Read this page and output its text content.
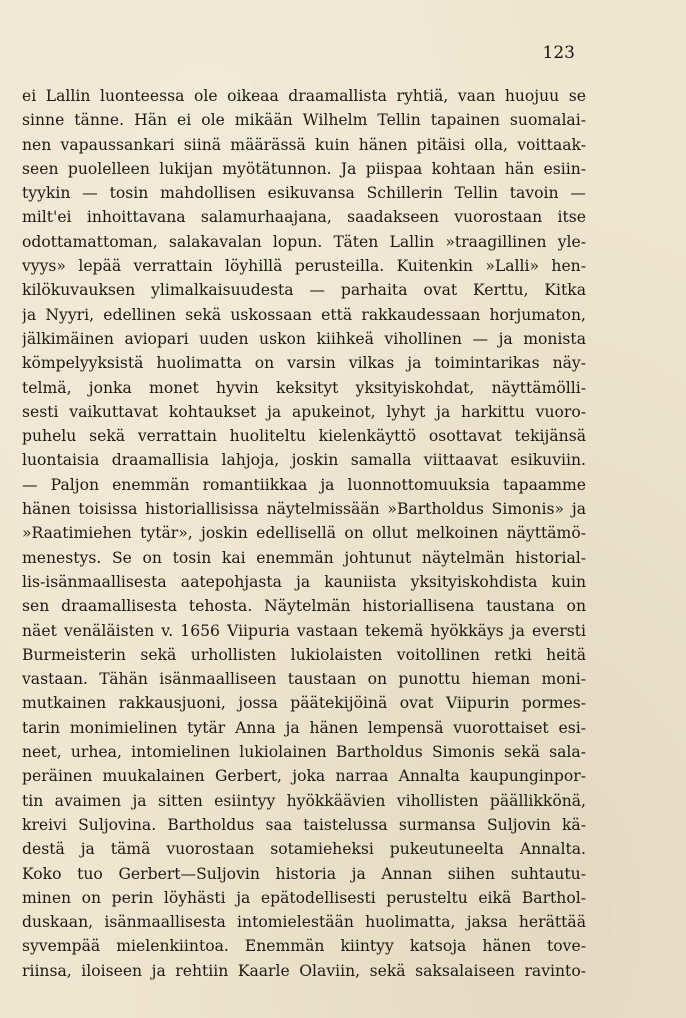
123
ei Lallin luonteessa ole oikeaa draamallista ryhtiä, vaan huojuu se
sinne tänne. Hän ei ole mikään Wilhelm Tellin tapainen suomalai-
nen vapaussankari siinä määrässä kuin hänen pitäisi olla, voittaak-
seen puolelleen lukijan myötätunnon. Ja piispaa kohtaan hän esiin-
tyykin — tosin mahdollisen esikuvansa Schillerin Tellin tavoin —
milt'ei inhoittavana salamurhaajana, saadakseen vuorostaan itse
odottamattoman, salakavalan lopun. Täten Lallin »traagillinen yle-
vyys» lepää verrattain löyhillä perusteilla. Kuitenkin »Lalli» hen-
kilökuvauksen ylimalkaisuudesta — parhaita ovat Kerttu, Kitka
ja Nyyri, edellinen sekä uskossaan että rakkaudessaan horjumaton,
jälkimäinen aviopari uuden uskon kiihkeä vihollinen — ja monista
kömpelyyksistä huolimatta on varsin vilkas ja toimintarikas näy-
telmä, jonka monet hyvin keksityt yksityiskohdat, näyttämölli-
sesti vaikuttavat kohtaukset ja apukeinot, lyhyt ja harkittu vuoro-
puhelu sekä verrattain huoliteltu kielenkäyttö osottavat tekijänsä
luontaisia draamallisia lahjoja, joskin samalla viittaavat esikuviin.
— Paljon enemmän romantiikkaa ja luonnottomuuksia tapaamme
hänen toisissa historiallisissa näytelmissään »Bartholdus Simonis» ja
»Raatimiehen tytär», joskin edellisellä on ollut melkoinen näyttämö-
menestys. Se on tosin kai enemmän johtunut näytelmän historial-
lis-isänmaallisesta aatepohjasta ja kauniista yksityiskohdista kuin
sen draamallisesta tehosta. Näytelmän historiallisena taustana on
näet venäläisten v. 1656 Viipuria vastaan tekemä hyökkäys ja eversti
Burmeisterin sekä urhollisten lukiolaisten voitollinen retki heitä
vastaan. Tähän isänmaalliseen taustaan on punottu hieman moni-
mutkainen rakkausjuoni, jossa päätekijöinä ovat Viipurin pormes-
tarin monimielinen tytär Anna ja hänen lempensä vuorottaiset esi-
neet, urhea, intomielinen lukiolainen Bartholdus Simonis sekä sala-
peräinen muukalainen Gerbert, joka narraa Annalta kaupunginpor-
tin avaimen ja sitten esiintyy hyökkäävien vihollisten päällikkönä,
kreivi Suljovina. Bartholdus saa taistelussa surmansa Suljovin kä-
destä ja tämä vuorostaan sotamieheksi pukeutuneelta Annalta.
Koko tuo Gerbert—Suljovin historia ja Annan siihen suhtautu-
minen on perin löyhästi ja epätodellisesti perusteltu eikä Barthol-
duskaan, isänmaallisesta intomielestään huolimatta, jaksa herättää
syvempää mielenkiintoa. Enemmän kiintyy katsoja hänen tove-
riinsa, iloiseen ja rehtiin Kaarle Olaviin, sekä saksalaiseen ravinto-
